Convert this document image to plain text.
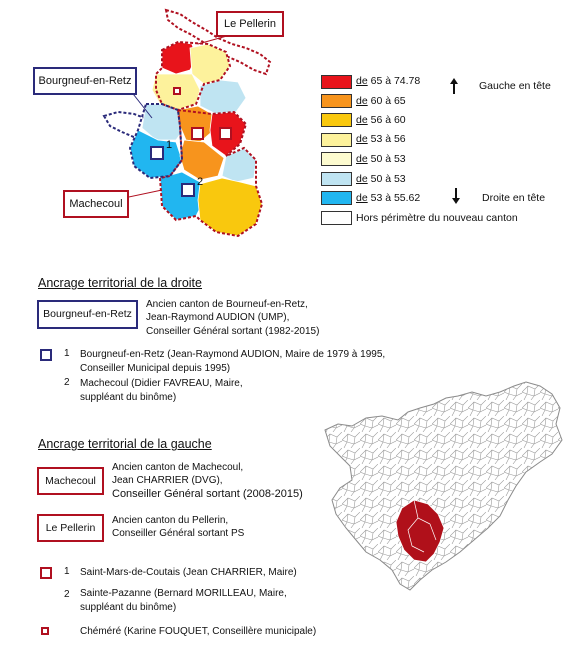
1
2
Le Pellerin
Bourgneuf-en-Retz
Machecoul
de 65 à 74.78
de 60 à 65
de 56 à 60
de 53 à 56
de 50 à 53
de 50 à 53
de 53 à 55.62
Hors périmètre du nouveau canton
Gauche en tête
Droite en tête
Ancrage territorial de la droite
Bourgneuf-en-Retz
Ancien canton de Bourneuf-en-Retz,
Jean-Raymond AUDION (UMP),
Conseiller Général sortant (1982-2015)
1 Bourgneuf-en-Retz (Jean-Raymond AUDION, Maire de 1979 à 1995,
Conseiller Municipal depuis 1995)
2 Machecoul (Didier FAVREAU, Maire,
suppléant du binôme)
Ancrage territorial de la gauche
Machecoul
Ancien canton de Machecoul,
Jean CHARRIER (DVG),
Conseiller Général sortant (2008-2015)
Le Pellerin
Ancien canton du Pellerin,
Conseiller Général sortant PS
1 Saint-Mars-de-Coutais (Jean CHARRIER, Maire)
2 Sainte-Pazanne (Bernard MORILLEAU, Maire,
suppléant du binôme)
Chéméré (Karine FOUQUET, Conseillère municipale)
